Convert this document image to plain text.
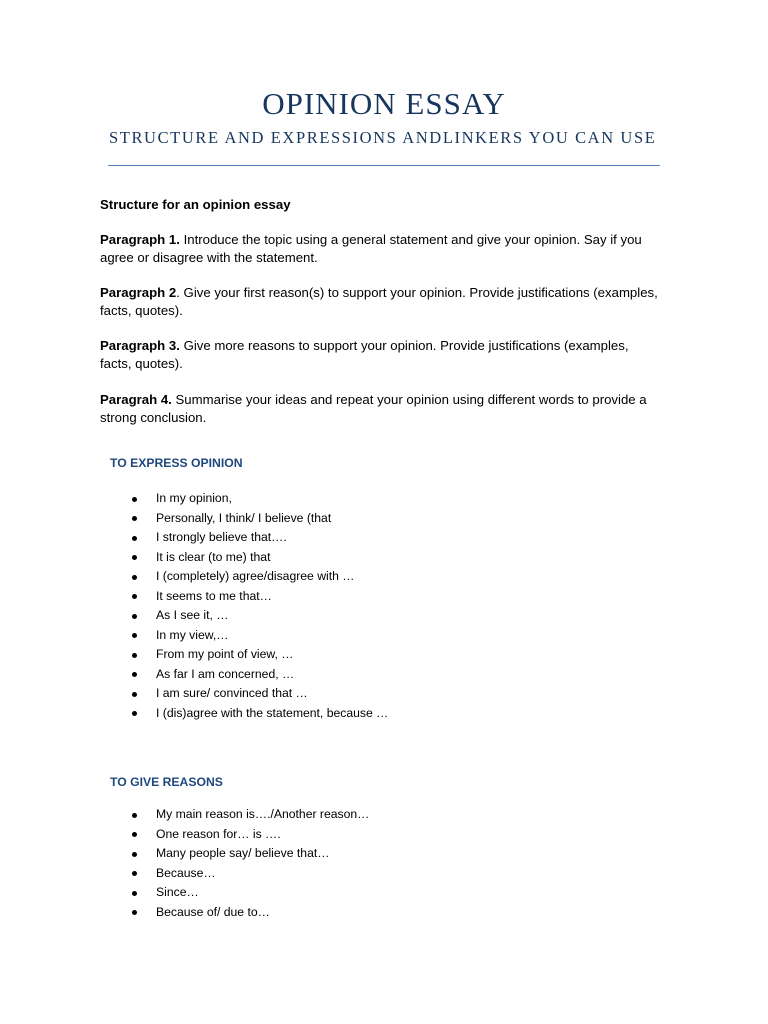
OPINION ESSAY
STRUCTURE AND EXPRESSIONS ANDLINKERS YOU CAN USE

Structure for an opinion essay

Paragraph 1. Introduce the topic using a general statement and give your opinion. Say if you agree or disagree with the statement.

Paragraph 2. Give your first reason(s) to support your opinion. Provide justifications (examples, facts, quotes).

Paragraph 3. Give more reasons to support your opinion. Provide justifications (examples, facts, quotes).

Paragrah 4. Summarise your ideas and repeat your opinion using different words to provide a strong conclusion.

TO EXPRESS OPINION
In my opinion,
Personally, I think/ I believe (that
I strongly believe that….
It is clear (to me) that
I (completely) agree/disagree with …
It seems to me that…
As I see it, …
In my view,…
From my point of view, …
As far I am concerned, …
I am sure/ convinced that …
I (dis)agree with the statement, because …
TO GIVE REASONS
My main reason is…./Another reason…
One reason for… is ….
Many people say/ believe that…
Because…
Since…
Because of/ due to…
